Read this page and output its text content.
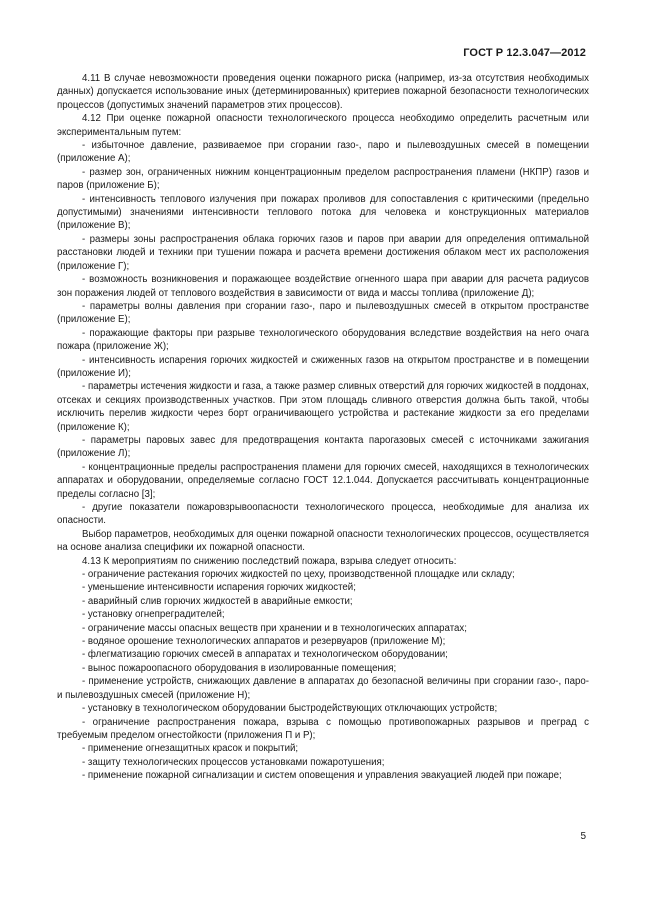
ГОСТ Р 12.3.047—2012

4.11 В случае невозможности проведения оценки пожарного риска (например, из-за отсутствия необходимых данных) допускается использование иных (детерминированных) критериев пожарной безопасности технологических процессов (допустимых значений параметров этих процессов).

4.12 При оценке пожарной опасности технологического процесса необходимо определить расчетным или экспериментальным путем:

- избыточное давление, развиваемое при сгорании газо-, паро и пылевоздушных смесей в помещении (приложение А);

- размер зон, ограниченных нижним концентрационным пределом распространения пламени (НКПР) газов и паров (приложение Б);

- интенсивность теплового излучения при пожарах проливов для сопоставления с критическими (предельно допустимыми) значениями интенсивности теплового потока для человека и конструкционных материалов (приложение В);

- размеры зоны распространения облака горючих газов и паров при аварии для определения оптимальной расстановки людей и техники при тушении пожара и расчета времени достижения облаком мест их расположения (приложение Г);

- возможность возникновения и поражающее воздействие огненного шара при аварии для расчета радиусов зон поражения людей от теплового воздействия в зависимости от вида и массы топлива (приложение Д);

- параметры волны давления при сгорании газо-, паро и пылевоздушных смесей в открытом пространстве (приложение Е);

- поражающие факторы при разрыве технологического оборудования вследствие воздействия на него очага пожара (приложение Ж);

- интенсивность испарения горючих жидкостей и сжиженных газов на открытом пространстве и в помещении (приложение И);

- параметры истечения жидкости и газа, а также размер сливных отверстий для горючих жидкостей в поддонах, отсеках и секциях производственных участков. При этом площадь сливного отверстия должна быть такой, чтобы исключить перелив жидкости через борт ограничивающего устройства и растекание жидкости за его пределами (приложение К);

- параметры паровых завес для предотвращения контакта парогазовых смесей с источниками зажигания (приложение Л);

- концентрационные пределы распространения пламени для горючих смесей, находящихся в технологических аппаратах и оборудовании, определяемые согласно ГОСТ 12.1.044. Допускается рассчитывать концентрационные пределы согласно [3];

- другие показатели пожаровзрывоопасности технологического процесса, необходимые для анализа их опасности.

Выбор параметров, необходимых для оценки пожарной опасности технологических процессов, осуществляется на основе анализа специфики их пожарной опасности.

4.13 К мероприятиям по снижению последствий пожара, взрыва следует относить:

- ограничение растекания горючих жидкостей по цеху, производственной площадке или складу;

- уменьшение интенсивности испарения горючих жидкостей;

- аварийный слив горючих жидкостей в аварийные емкости;

- установку огнепреградителей;

- ограничение массы опасных веществ при хранении и в технологических аппаратах;

- водяное орошение технологических аппаратов и резервуаров (приложение М);

- флегматизацию горючих смесей в аппаратах и технологическом оборудовании;

- вынос пожароопасного оборудования в изолированные помещения;

- применение устройств, снижающих давление в аппаратах до безопасной величины при сгорании газо-, паро- и пылевоздушных смесей (приложение Н);

- установку в технологическом оборудовании быстродействующих отключающих устройств;

- ограничение распространения пожара, взрыва с помощью противопожарных разрывов и преград с требуемым пределом огнестойкости (приложения П и Р);

- применение огнезащитных красок и покрытий;

- защиту технологических процессов установками пожаротушения;

- применение пожарной сигнализации и систем оповещения и управления эвакуацией людей при пожаре;

5
